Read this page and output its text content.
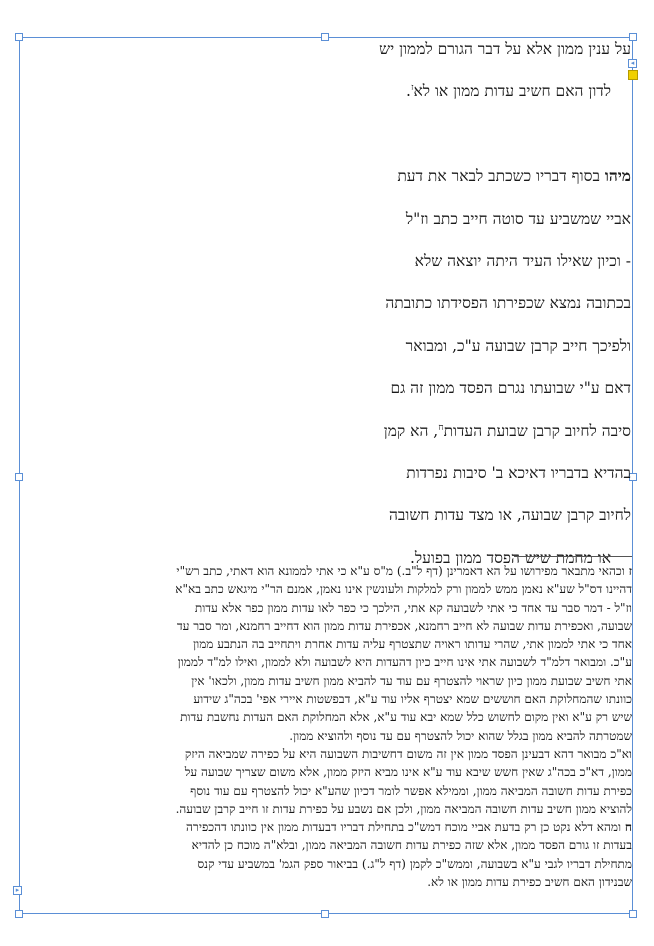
◂
▸

על ענין ממון אלא על דבר הגורם לממון יש

לדון האם חשיב עדות ממון או לא$^ז$.

מיהו בסוף דבריו כשכתב לבאר את דעת

אביי שמשביע עד סוטה חייב כתב וז"ל

- וכיון שאילו העיד היתה יוצאה שלא

בכתובה נמצא שכפירתו הפסידתו כתובתה

ולפיכך חייב קרבן שבועה ע"כ, ומבואר

דאם ע"י שבועתו נגרם הפסד ממון זה גם

סיבה לחיוב קרבן שבועת העדות$^ח$, הא קמן

בהדיא בדבריו דאיכא ב' סיבות נפרדות

לחיוב קרבן שבועה, או מצד עדות חשובה

או מחמת שיש הפסד ממון בפועל.

ז וכהאי מתבאר מפירושו על הא דאמרינן (דף ל"ב.) מ"ס ע"א כי אתי לממונא הוא דאתי, כתב רש"י

דהיינו דס"ל שע"א נאמן ממש לממון ורק למלקות ולעונשין אינו נאמן, אמנם הר"י מיגאש כתב בא"א

וז"ל - דמר סבר עד אחד כי אתי לשבועה קא אתי, הילכך כי כפר לאו עדות ממון כפר אלא עדות

שבועה, ואכפירת עדות שבועה לא חייב רחמנא, אכפירת עדות ממון הוא דחייב רחמנא, ומר סבר עד

אחד כי אתי לממון אתי, שהרי עדותו ראויה שתצטרף עליה עדות אחרת ויתחייב בה הנתבע ממון

ע"כ. ומבואר דלמ"ד לשבועה אתי אינו חייב כיון דהעדות היא לשבועה ולא לממון, ואילו למ"ד לממון

אתי חשיב שבועת ממון כיון שראוי להצטרף עם עוד עד להביא ממון חשיב עדות ממון, ולכאו' אין

כוונתו שהמחלוקת האם חוששים שמא יצטרף אליו עוד ע"א, דבפשטות איירי אפי' בכה"ג שידוע

שיש רק ע"א ואין מקום לחשוש כלל שמא יבא עוד ע"א, אלא המחלוקת האם העדות נחשבת עדות

שמטרתה להביא ממון בגלל שהוא יכול להצטרף עם עד נוסף ולהוציא ממון.

וא"כ מבואר דהא דבעינן הפסד ממון אין זה משום דחשיבות השבועה היא על כפירה שמביאה היזק

ממון, דא"כ בכה"ג שאין חשש שיבא עוד ע"א אינו מביא היזק ממון, אלא משום שצריך שבועה על

כפירת עדות חשובה המביאה ממון, וממילא אפשר לומר דכיון שהע"א יכול להצטרף עם עוד נוסף

להוציא ממון חשיב עדות חשובה המביאה ממון, ולכן אם נשבע על כפירת עדות זו חייב קרבן שבועה.

ח ומהא דלא נקט כן רק בדעת אביי מוכח דמש"כ בתחילת דבריו דבעדות ממון אין כוונתו דהכפירה

בעדות זו גורם הפסד ממון, אלא שזה כפירת עדות חשובה המביאה ממון, ובלא"ה מוכח כן להדיא

מתחילת דבריו לגבי ע"א בשבועה, וממש"כ לקמן (דף ל"ג.) בביאור ספק הגמ' במשביע עדי קנס

שבנידון האם חשיב כפירת עדות ממון או לא.
